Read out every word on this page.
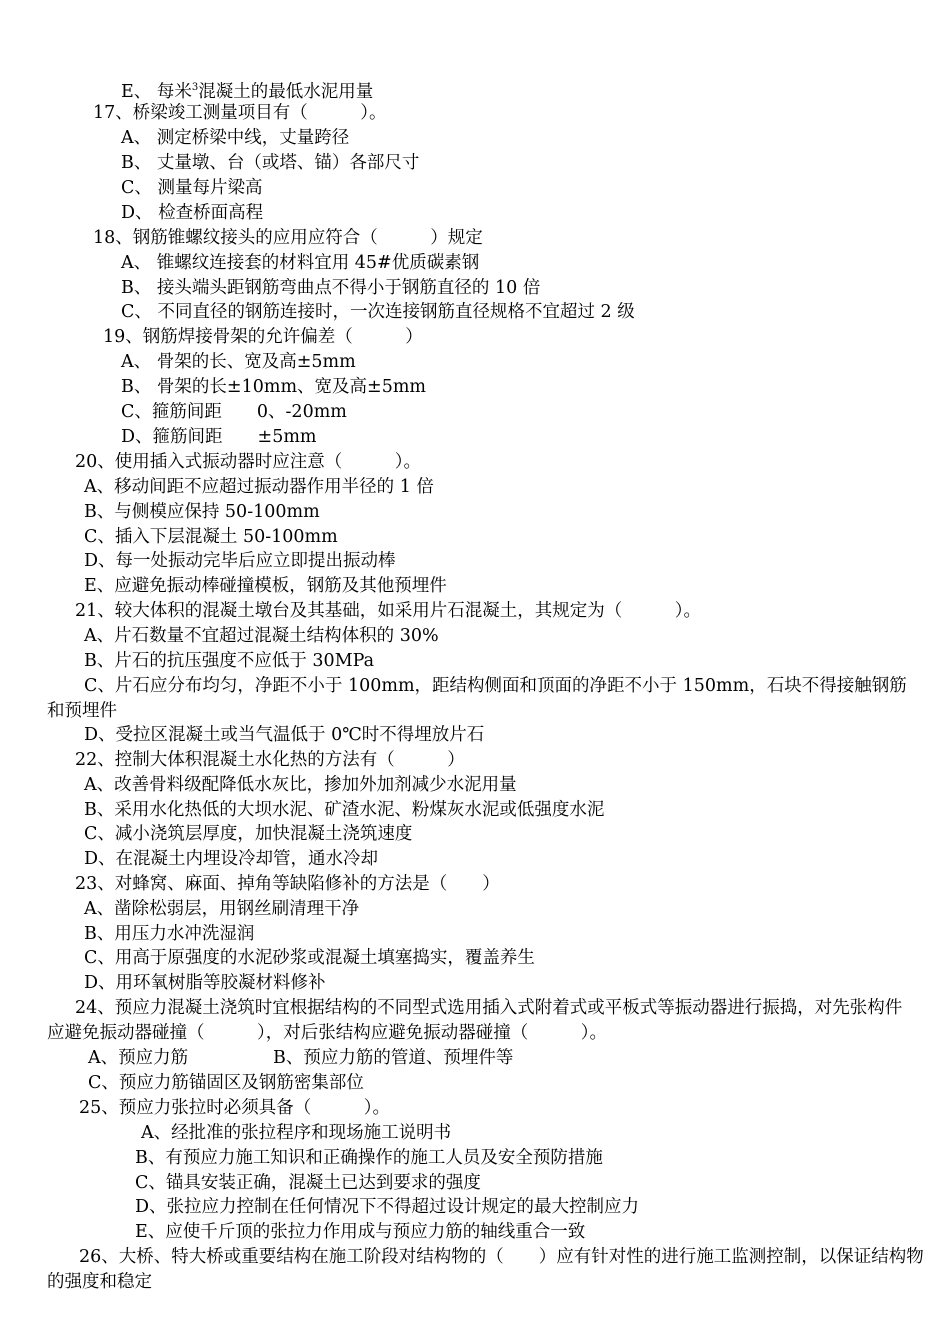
E、 每米$^3$混凝土的最低水泥用量
17、桥梁竣工测量项目有（　　　）。
A、 测定桥梁中线，丈量跨径
B、 丈量墩、台（或塔、锚）各部尺寸
C、 测量每片梁高
D、 检查桥面高程
18、钢筋锥螺纹接头的应用应符合（　　　）规定
A、 锥螺纹连接套的材料宜用 45#优质碳素钢
B、 接头端头距钢筋弯曲点不得小于钢筋直径的 10 倍
C、 不同直径的钢筋连接时，一次连接钢筋直径规格不宜超过 2 级
19、钢筋焊接骨架的允许偏差（　　　）
A、 骨架的长、宽及高±5mm
B、 骨架的长±10mm、宽及高±5mm
C、箍筋间距　　0、-20mm
D、箍筋间距　　±5mm
20、使用插入式振动器时应注意（　　　）。
A、移动间距不应超过振动器作用半径的 1 倍
B、与侧模应保持 50-100mm
C、插入下层混凝土 50-100mm
D、每一处振动完毕后应立即提出振动棒
E、应避免振动棒碰撞模板，钢筋及其他预埋件
21、较大体积的混凝土墩台及其基础，如采用片石混凝土，其规定为（　　　）。
A、片石数量不宜超过混凝土结构体积的 30%
B、片石的抗压强度不应低于 30MPa
C、片石应分布均匀，净距不小于 100mm，距结构侧面和顶面的净距不小于 150mm，石块不得接触钢筋和预埋件
D、受拉区混凝土或当气温低于 0℃时不得埋放片石
22、控制大体积混凝土水化热的方法有（　　　）
A、改善骨料级配降低水灰比，掺加外加剂减少水泥用量
B、采用水化热低的大坝水泥、矿渣水泥、粉煤灰水泥或低强度水泥
C、减小浇筑层厚度，加快混凝土浇筑速度
D、在混凝土内埋设冷却管，通水冷却
23、对蜂窝、麻面、掉角等缺陷修补的方法是（　　）
A、凿除松弱层，用钢丝刷清理干净
B、用压力水冲洗湿润
C、用高于原强度的水泥砂浆或混凝土填塞捣实，覆盖养生
D、用环氧树脂等胶凝材料修补
24、预应力混凝土浇筑时宜根据结构的不同型式选用插入式附着式或平板式等振动器进行振捣，对先张构件应避免振动器碰撞（　　　），对后张结构应避免振动器碰撞（　　　）。
A、预应力筋	B、预应力筋的管道、预埋件等
C、预应力筋锚固区及钢筋密集部位
25、预应力张拉时必须具备（　　　）。
A、经批准的张拉程序和现场施工说明书
B、有预应力施工知识和正确操作的施工人员及安全预防措施
C、锚具安装正确，混凝土已达到要求的强度
D、张拉应力控制在任何情况下不得超过设计规定的最大控制应力
E、应使千斤顶的张拉力作用成与预应力筋的轴线重合一致
26、大桥、特大桥或重要结构在施工阶段对结构物的（　　）应有针对性的进行施工监测控制，以保证结构物的强度和稳定
